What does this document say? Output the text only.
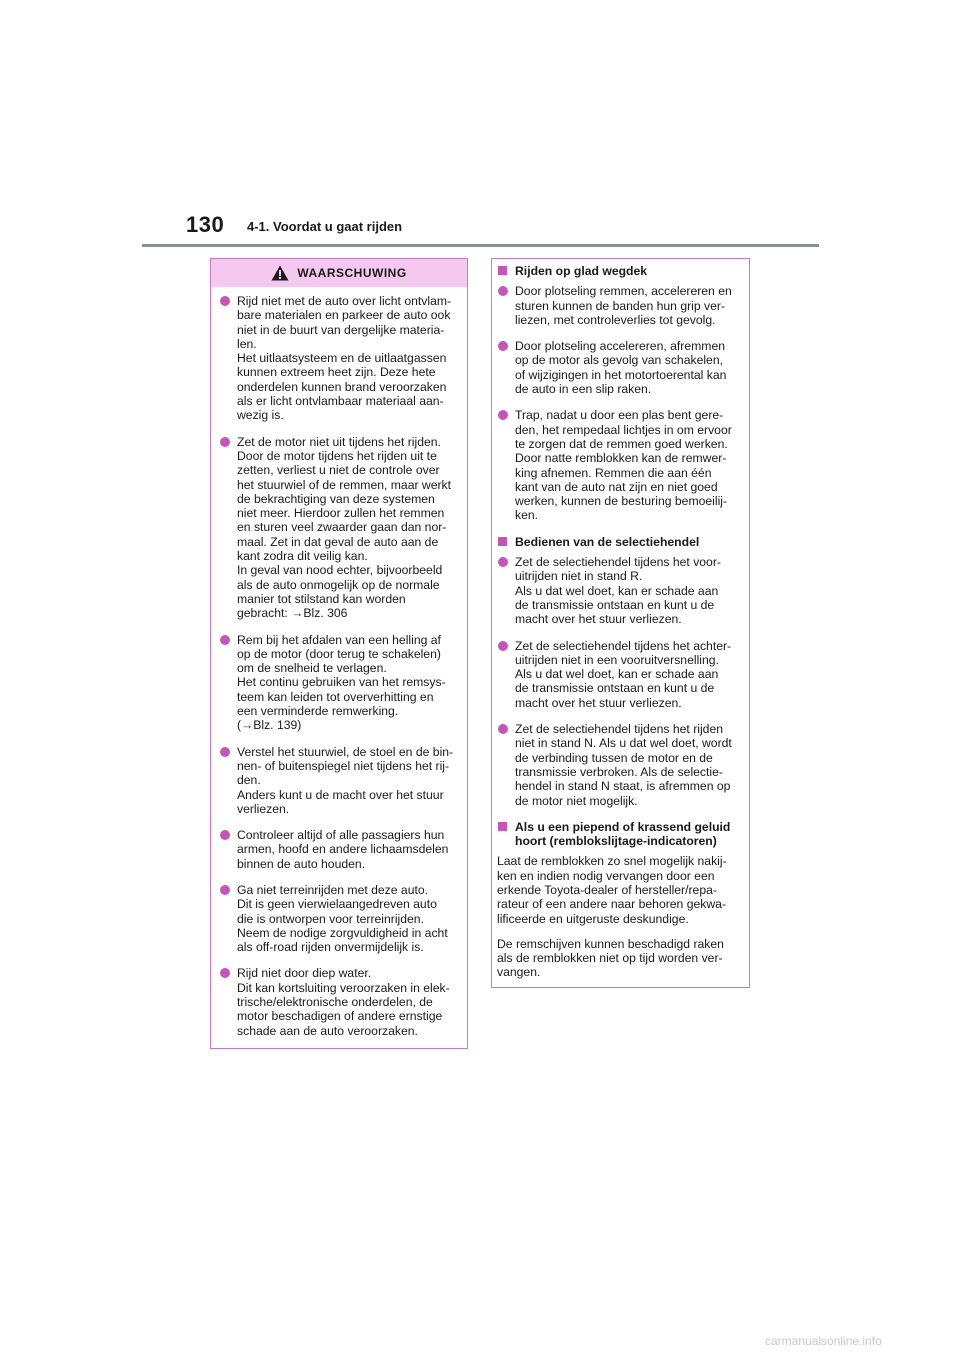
130 4-1. Voordat u gaat rijden
WAARSCHUWING
Rijd niet met de auto over licht ontvlam-
bare materialen en parkeer de auto ook
niet in de buurt van dergelijke materia-
len.
Het uitlaatsysteem en de uitlaatgassen
kunnen extreem heet zijn. Deze hete
onderdelen kunnen brand veroorzaken
als er licht ontvlambaar materiaal aan-
wezig is.
Zet de motor niet uit tijdens het rijden.
Door de motor tijdens het rijden uit te
zetten, verliest u niet de controle over
het stuurwiel of de remmen, maar werkt
de bekrachtiging van deze systemen
niet meer. Hierdoor zullen het remmen
en sturen veel zwaarder gaan dan nor-
maal. Zet in dat geval de auto aan de
kant zodra dit veilig kan.
In geval van nood echter, bijvoorbeeld
als de auto onmogelijk op de normale
manier tot stilstand kan worden
gebracht: →Blz. 306
Rem bij het afdalen van een helling af
op de motor (door terug te schakelen)
om de snelheid te verlagen.
Het continu gebruiken van het remsys-
teem kan leiden tot oververhitting en
een verminderde remwerking.
(→Blz. 139)
Verstel het stuurwiel, de stoel en de bin-
nen- of buitenspiegel niet tijdens het rij-
den.
Anders kunt u de macht over het stuur
verliezen.
Controleer altijd of alle passagiers hun
armen, hoofd en andere lichaamsdelen
binnen de auto houden.
Ga niet terreinrijden met deze auto.
Dit is geen vierwielaangedreven auto
die is ontworpen voor terreinrijden.
Neem de nodige zorgvuldigheid in acht
als off-road rijden onvermijdelijk is.
Rijd niet door diep water.
Dit kan kortsluiting veroorzaken in elek-
trische/elektronische onderdelen, de
motor beschadigen of andere ernstige
schade aan de auto veroorzaken.
Rijden op glad wegdek
Door plotseling remmen, accelereren en
sturen kunnen de banden hun grip ver-
liezen, met controleverlies tot gevolg.
Door plotseling accelereren, afremmen
op de motor als gevolg van schakelen,
of wijzigingen in het motortoerental kan
de auto in een slip raken.
Trap, nadat u door een plas bent gere-
den, het rempedaal lichtjes in om ervoor
te zorgen dat de remmen goed werken.
Door natte remblokken kan de remwer-
king afnemen. Remmen die aan één
kant van de auto nat zijn en niet goed
werken, kunnen de besturing bemoeilij-
ken.
Bedienen van de selectiehendel
Zet de selectiehendel tijdens het voor-
uitrijden niet in stand R.
Als u dat wel doet, kan er schade aan
de transmissie ontstaan en kunt u de
macht over het stuur verliezen.
Zet de selectiehendel tijdens het achter-
uitrijden niet in een vooruitversnelling.
Als u dat wel doet, kan er schade aan
de transmissie ontstaan en kunt u de
macht over het stuur verliezen.
Zet de selectiehendel tijdens het rijden
niet in stand N. Als u dat wel doet, wordt
de verbinding tussen de motor en de
transmissie verbroken. Als de selectie-
hendel in stand N staat, is afremmen op
de motor niet mogelijk.
Als u een piepend of krassend geluid
hoort (remblokslijtage-indicatoren)

Laat de remblokken zo snel mogelijk nakij-
ken en indien nodig vervangen door een
erkende Toyota-dealer of hersteller/repa-
rateur of een andere naar behoren gekwa-
lificeerde en uitgeruste deskundige.

De remschijven kunnen beschadigd raken
als de remblokken niet op tijd worden ver-
vangen.

carmanualsonline.info
